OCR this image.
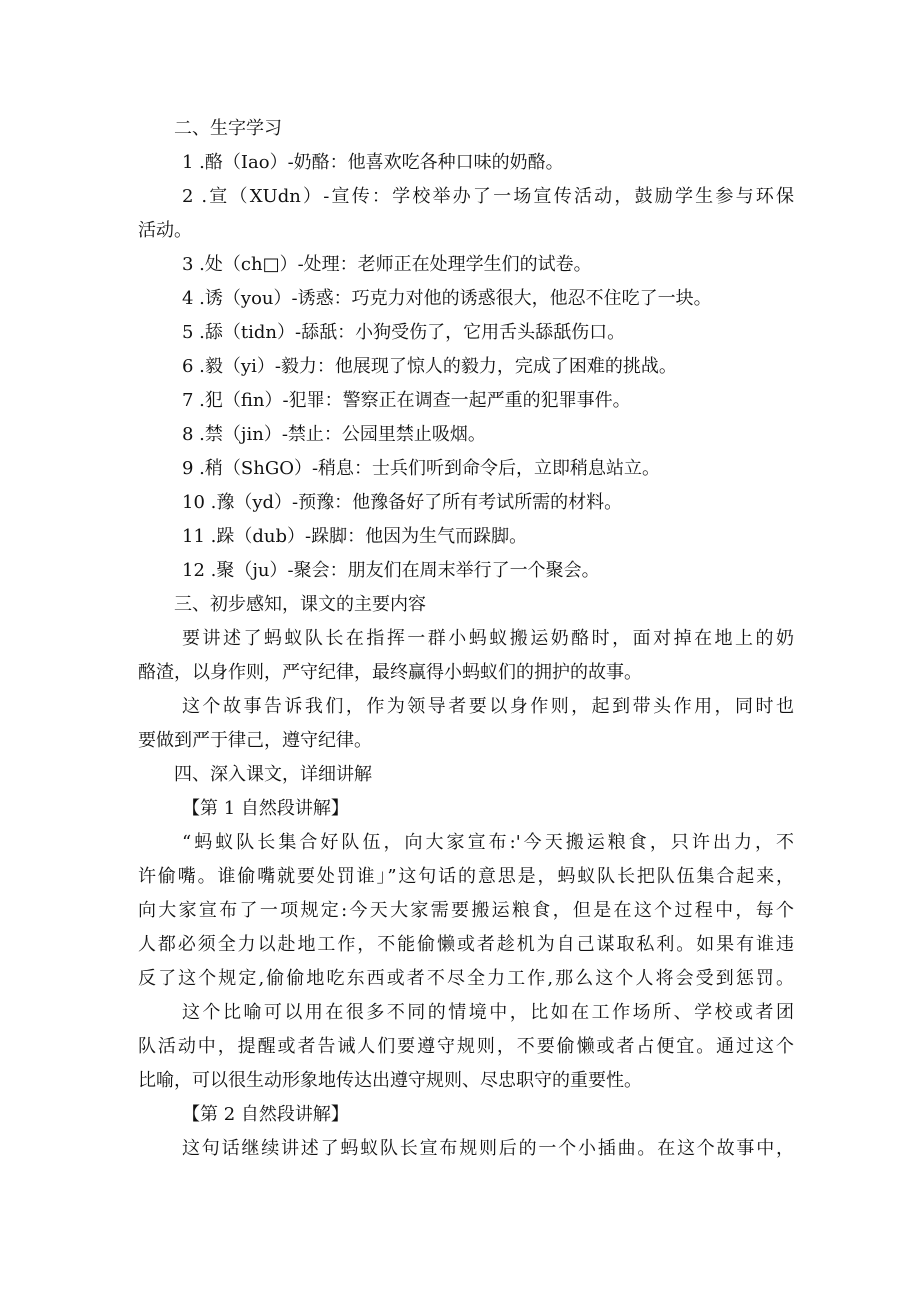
二、生字学习

1 .酪（Iao）-奶酪：他喜欢吃各种口味的奶酪。

2 .宣（XUdn）-宣传：学校举办了一场宣传活动，鼓励学生参与环保

活动。

3 .处（ch□）-处理：老师正在处理学生们的试卷。

4 .诱（you）-诱惑：巧克力对他的诱惑很大，他忍不住吃了一块。

5 .舔（tidn）-舔舐：小狗受伤了，它用舌头舔舐伤口。

6 .毅（yi）-毅力：他展现了惊人的毅力，完成了困难的挑战。

7 .犯（fin）-犯罪：警察正在调查一起严重的犯罪事件。

8 .禁（jin）-禁止：公园里禁止吸烟。

9 .稍（ShGO）-稍息：士兵们听到命令后，立即稍息站立。

10 .豫（yd）-预豫：他豫备好了所有考试所需的材料。

11 .跺（dub）-跺脚：他因为生气而跺脚。

12 .聚（ju）-聚会：朋友们在周末举行了一个聚会。

三、初步感知，课文的主要内容

要讲述了蚂蚁队长在指挥一群小蚂蚁搬运奶酪时，面对掉在地上的奶

酪渣，以身作则，严守纪律，最终赢得小蚂蚁们的拥护的故事。

这个故事告诉我们，作为领导者要以身作则，起到带头作用，同时也

要做到严于律己，遵守纪律。

四、深入课文，详细讲解

【第 1 自然段讲解】

“蚂蚁队长集合好队伍，向大家宣布:'今天搬运粮食，只许出力，不

许偷嘴。谁偷嘴就要处罚谁」”这句话的意思是，蚂蚁队长把队伍集合起来，

向大家宣布了一项规定:今天大家需要搬运粮食，但是在这个过程中，每个

人都必须全力以赴地工作，不能偷懒或者趁机为自己谋取私利。如果有谁违

反了这个规定,偷偷地吃东西或者不尽全力工作,那么这个人将会受到惩罚。

这个比喻可以用在很多不同的情境中，比如在工作场所、学校或者团

队活动中，提醒或者告诫人们要遵守规则，不要偷懒或者占便宜。通过这个

比喻，可以很生动形象地传达出遵守规则、尽忠职守的重要性。

【第 2 自然段讲解】

这句话继续讲述了蚂蚁队长宣布规则后的一个小插曲。在这个故事中，
